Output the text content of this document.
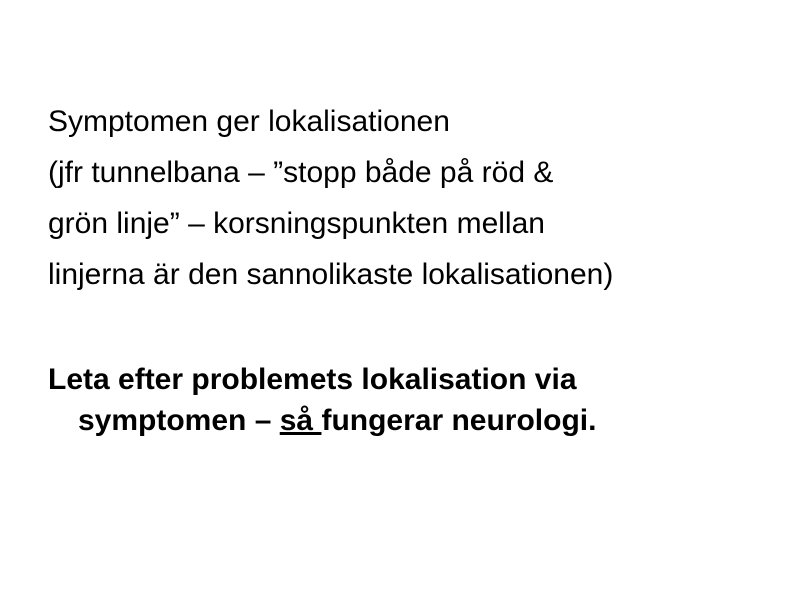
Symptomen ger lokalisationen
(jfr tunnelbana – ”stopp både på röd &
grön linje” – korsningspunkten mellan
linjerna är den sannolikaste lokalisationen)
Leta efter problemets lokalisation via
symptomen – så fungerar neurologi.
